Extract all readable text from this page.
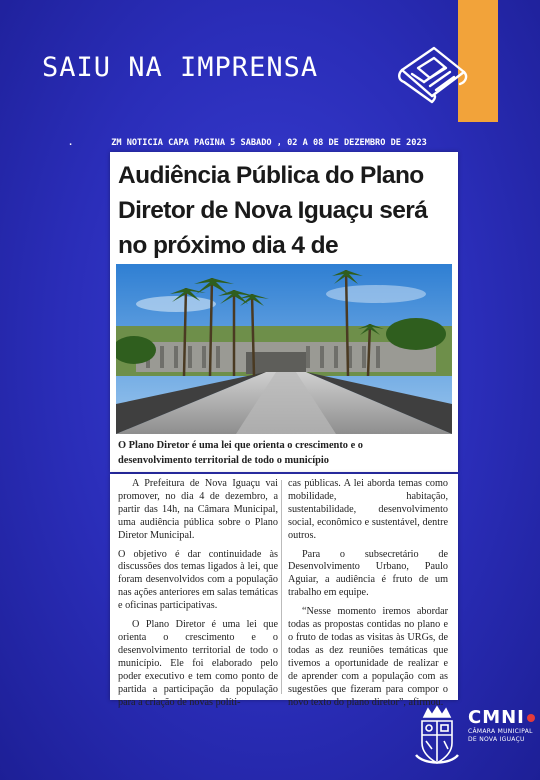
SAIU NA IMPRENSA
.	ZM NOTICIA CAPA PÁGINA 5 SÁBADO , 02 A 08 DE DEZEMBRO DE 2023
Audiência Pública do Plano
Diretor de Nova Iguaçu será
no próximo dia 4 de

O Plano Diretor é uma lei que orienta o crescimento e o
desenvolvimento territorial de todo o município

A Prefeitura de Nova Iguaçu vai promover, no dia 4 de dezembro, a partir das 14h, na Câmara Municipal, uma audiência pública sobre o Plano Diretor Municipal.

O objetivo é dar continuidade às discussões dos temas ligados à lei, que foram desenvolvidos com a população nas ações anteriores em salas temáticas e oficinas participativas.

O Plano Diretor é uma lei que orienta o crescimento e o desenvolvimento territorial de todo o município. Ele foi elaborado pelo poder executivo e tem como ponto de partida a participação da população para a criação de novas políti-

cas públicas. A lei aborda temas como mobilidade, habitação, sustentabilidade, desenvolvimento social, econômico e sustentável, dentre outros.

Para o subsecretário de Desenvolvimento Urbano, Paulo Aguiar, a audiência é fruto de um trabalho em equipe.

“Nesse momento iremos abordar todas as propostas contidas no plano e o fruto de todas as visitas às URGs, de todas as dez reuniões temáticas que tivemos a oportunidade de realizar e de aprender com a população com as sugestões que fizeram para compor o novo texto do plano diretor”, afirmou.

CMNI
CÂMARA MUNICIPAL
DE NOVA IGUAÇU
